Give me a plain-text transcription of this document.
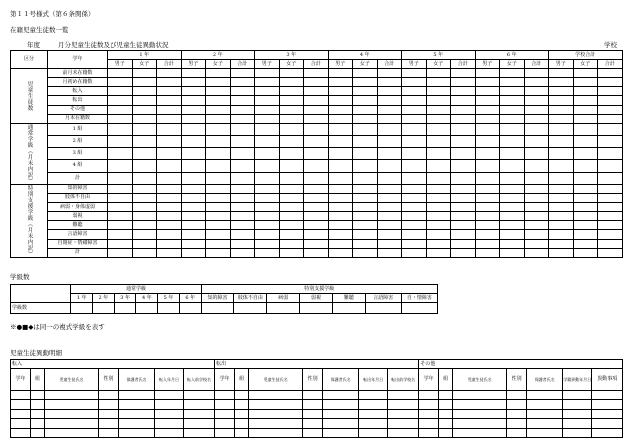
第１１号様式（第６条関係）
在籍児童生徒数一覧
年度	月分児童生徒数及び児童生徒異動状況	学校
区分	学年	1 年			2 年			3 年			4 年			5 年			6 年			学校合計		
		男子	女子	合計	男子	女子	合計	男子	女子	合計	男子	女子	合計	男子	女子	合計	男子	女子	合計	男子	女子	合計
児童生徒数	前月末在籍数																					
	月初め在籍数																					
	転入																					
	転出																					
	その他																					
	月末在籍数																					
通常学級（月末内訳）	1 組																					
	2 組																					
	3 組																					
	4 組																					
	計																					
特別支援学級（月末内訳）	知的障害																					
	肢体不自由																					
	病弱・身体虚弱																					
	弱視																					
	難聴																					
	言語障害																					
	自閉症・情緒障害																					
	計																					
学級数
	通常学級						特別支援学級						
	1 年	2 年	3 年	4 年	5 年	6 年	知的障害	肢体不自由	病弱	弱視	難聴	言語障害	自・情障害
学級数													
※●■◆は同一の複式学級を表す
児童生徒異動明細
転入							転出							その他						
学年	組	児童生徒氏名	性別	保護者氏名	転入年月日	転入前学校名	学年	組	児童生徒氏名	性別	保護者氏名	転出年月日	転出前学校名	学年	組	児童生徒氏名	性別	保護者氏名	学籍異動年月日	異動事項
